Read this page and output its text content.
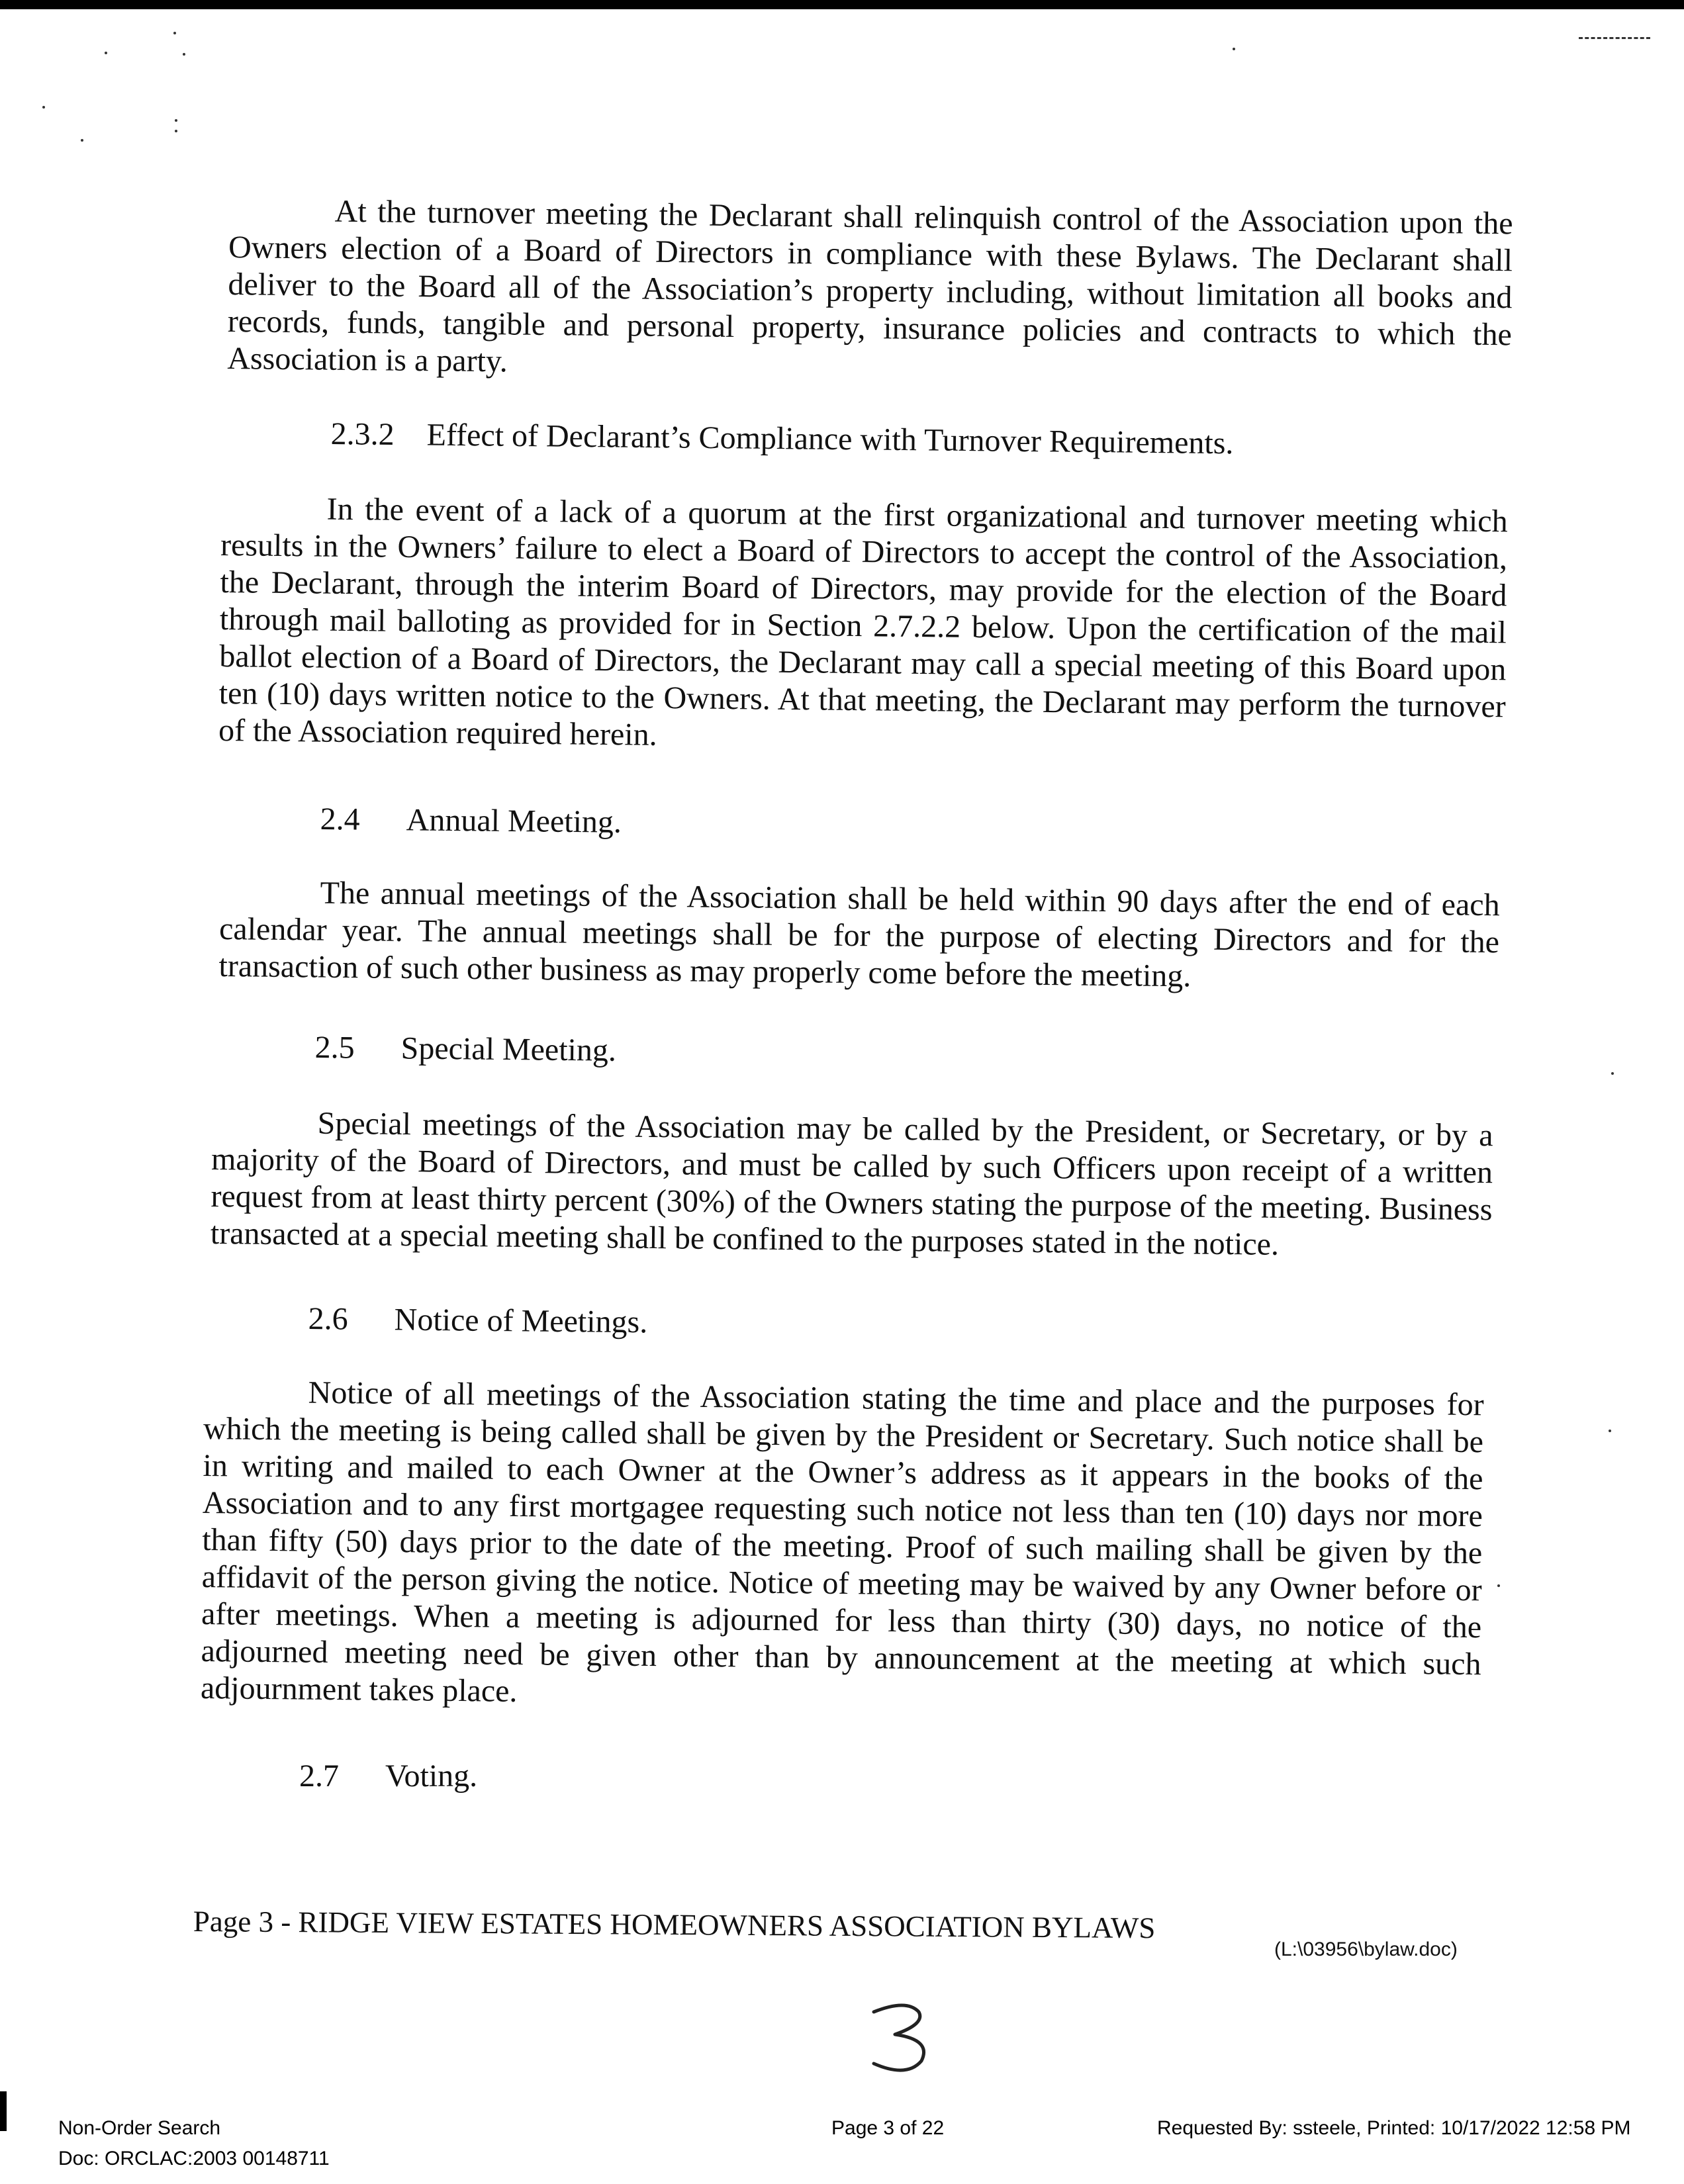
At the turnover meeting the Declarant shall relinquish control of the Association upon the Owners election of a Board of Directors in compliance with these Bylaws. The Declarant shall deliver to the Board all of the Association’s property including, without limitation all books and records, funds, tangible and personal property, insurance policies and contracts to which the Association is a party.

2.3.2 Effect of Declarant’s Compliance with Turnover Requirements.

In the event of a lack of a quorum at the first organizational and turnover meeting which results in the Owners’ failure to elect a Board of Directors to accept the control of the Association, the Declarant, through the interim Board of Directors, may provide for the election of the Board through mail balloting as provided for in Section 2.7.2.2 below. Upon the certification of the mail ballot election of a Board of Directors, the Declarant may call a special meeting of this Board upon ten (10) days written notice to the Owners. At that meeting, the Declarant may perform the turnover of the Association required herein.

2.4 Annual Meeting.

The annual meetings of the Association shall be held within 90 days after the end of each calendar year. The annual meetings shall be for the purpose of electing Directors and for the transaction of such other business as may properly come before the meeting.

2.5 Special Meeting.

Special meetings of the Association may be called by the President, or Secretary, or by a majority of the Board of Directors, and must be called by such Officers upon receipt of a written request from at least thirty percent (30%) of the Owners stating the purpose of the meeting. Business transacted at a special meeting shall be confined to the purposes stated in the notice.

2.6 Notice of Meetings.

Notice of all meetings of the Association stating the time and place and the purposes for which the meeting is being called shall be given by the President or Secretary. Such notice shall be in writing and mailed to each Owner at the Owner’s address as it appears in the books of the Association and to any first mortgagee requesting such notice not less than ten (10) days nor more than fifty (50) days prior to the date of the meeting. Proof of such mailing shall be given by the affidavit of the person giving the notice. Notice of meeting may be waived by any Owner before or after meetings. When a meeting is adjourned for less than thirty (30) days, no notice of the adjourned meeting need be given other than by announcement at the meeting at which such adjournment takes place.

2.7 Voting.
Page 3 - RIDGE VIEW ESTATES HOMEOWNERS ASSOCIATION BYLAWS
(L:\03956\bylaw.doc)
Non-Order Search
Doc: ORCLAC:2003 00148711
Page 3 of 22	Requested By: ssteele, Printed: 10/17/2022 12:58 PM
